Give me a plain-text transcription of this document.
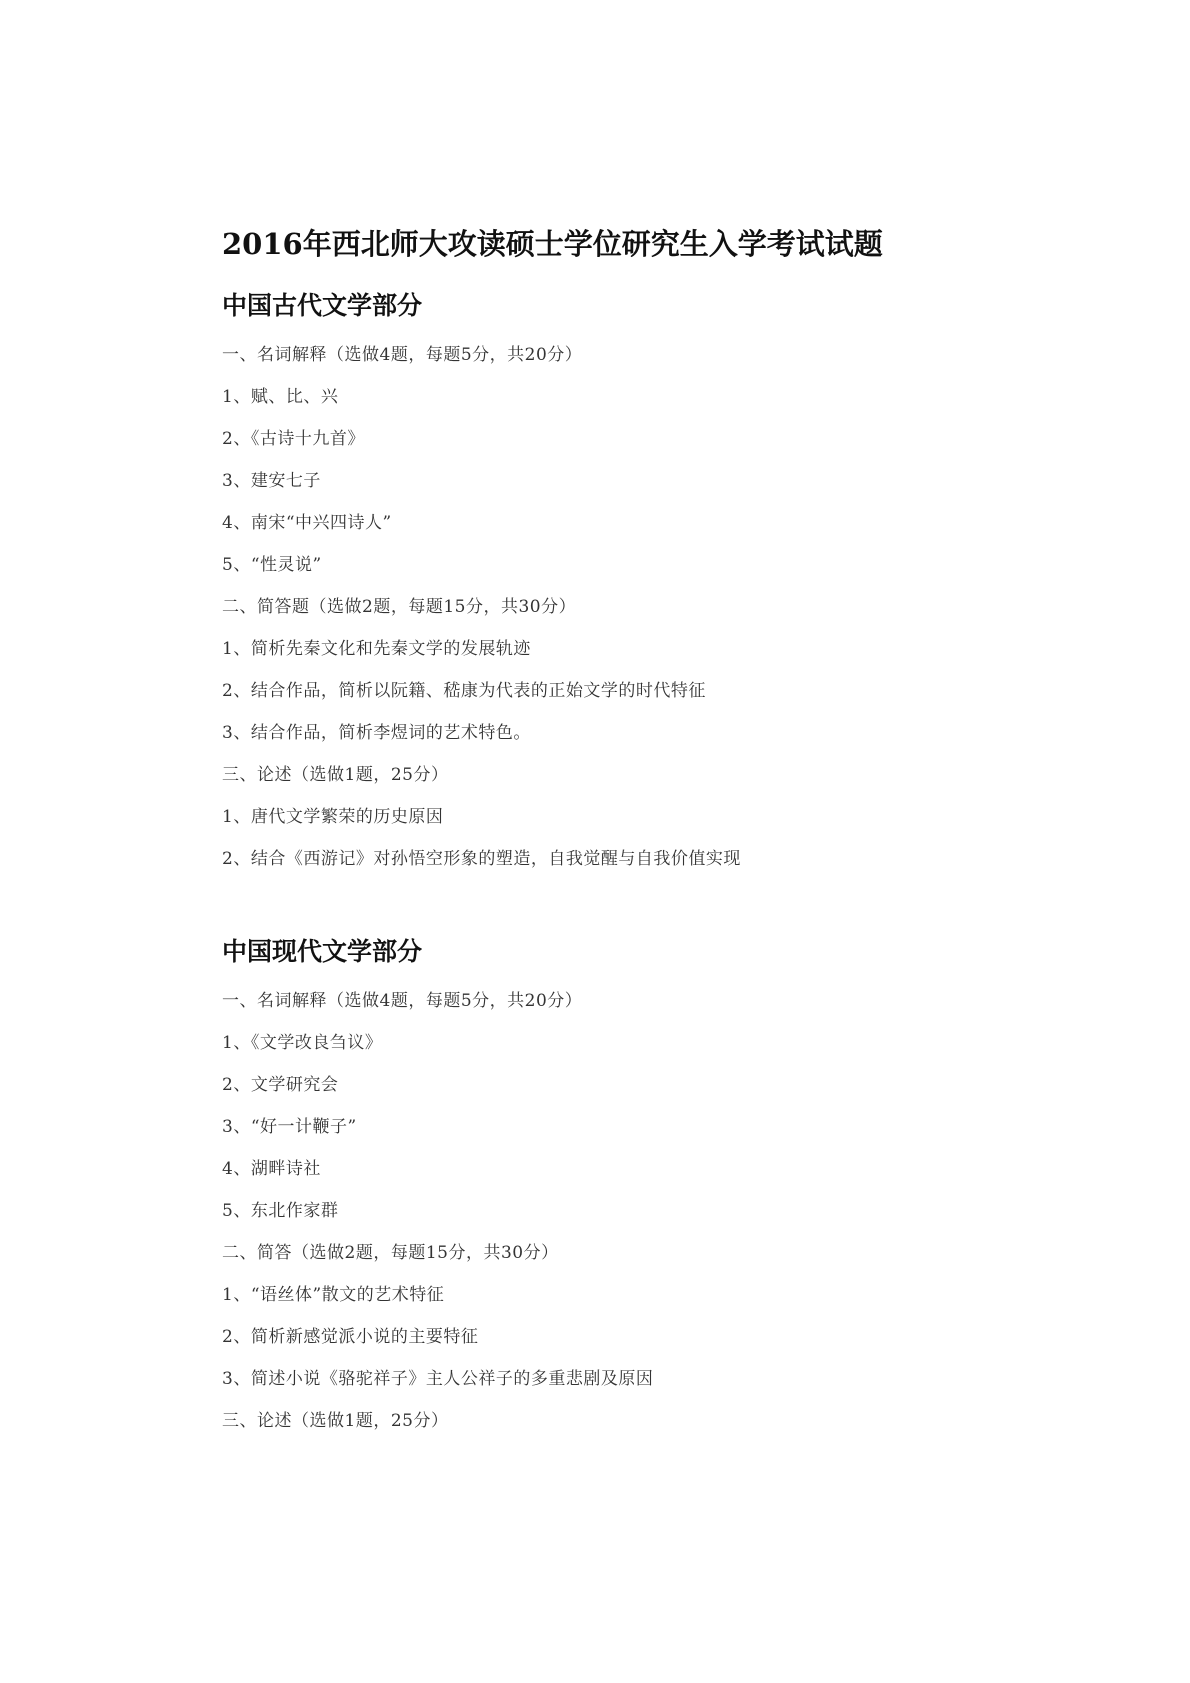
2016年西北师大攻读硕士学位研究生入学考试试题
中国古代文学部分
一、名词解释（选做4题，每题5分，共20分）
1、赋、比、兴
2、《古诗十九首》
3、建安七子
4、南宋“中兴四诗人”
5、“性灵说”
二、简答题（选做2题，每题15分，共30分）
1、简析先秦文化和先秦文学的发展轨迹
2、结合作品，简析以阮籍、嵇康为代表的正始文学的时代特征
3、结合作品，简析李煜词的艺术特色。
三、论述（选做1题，25分）
1、唐代文学繁荣的历史原因
2、结合《西游记》对孙悟空形象的塑造，自我觉醒与自我价值实现
中国现代文学部分
一、名词解释（选做4题，每题5分，共20分）
1、《文学改良刍议》
2、文学研究会
3、“好一计鞭子”
4、湖畔诗社
5、东北作家群
二、简答（选做2题，每题15分，共30分）
1、“语丝体”散文的艺术特征
2、简析新感觉派小说的主要特征
3、简述小说《骆驼祥子》主人公祥子的多重悲剧及原因
三、论述（选做1题，25分）
